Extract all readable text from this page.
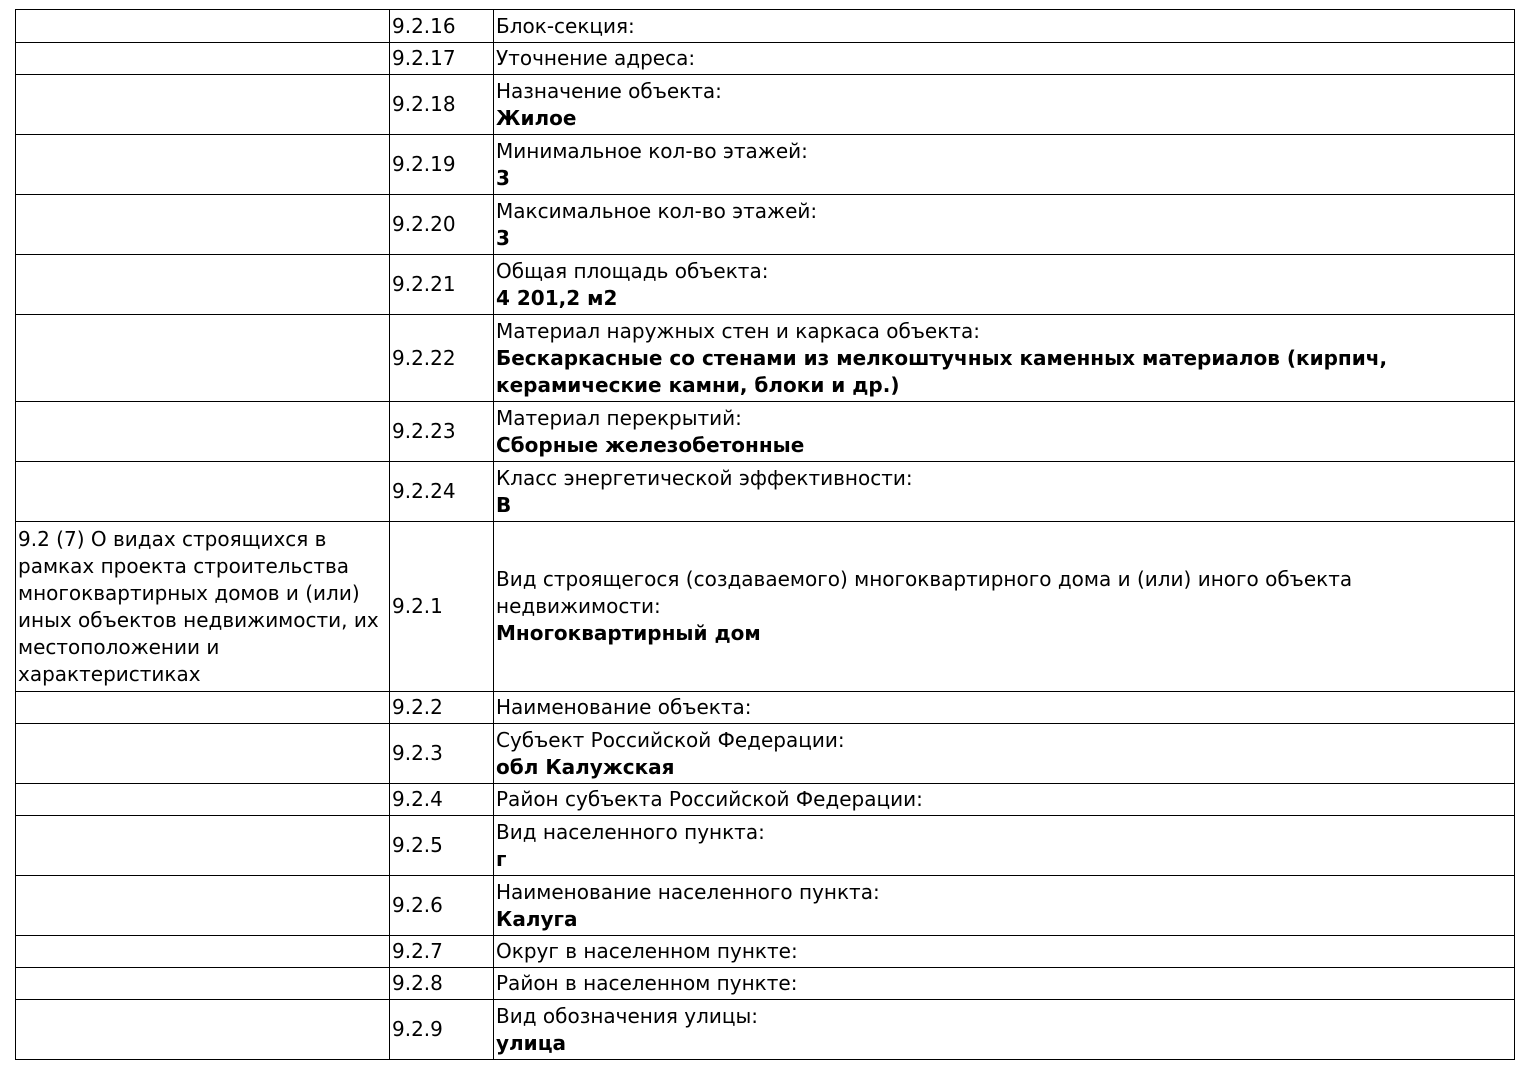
	9.2.16	Блок-секция:

	9.2.17	Уточнение адреса:

	9.2.18	Назначение объекта:
Жилое

	9.2.19	Минимальное кол-во этажей:
3

	9.2.20	Максимальное кол-во этажей:
3

	9.2.21	Общая площадь объекта:
4 201,2 м2

	9.2.22	Материал наружных стен и каркаса объекта:
Бескаркасные со стенами из мелкоштучных каменных материалов (кирпич, керамические камни, блоки и др.)

	9.2.23	Материал перекрытий:
Сборные железобетонные

	9.2.24	Класс энергетической эффективности:
B

9.2 (7) О видах строящихся в рамках проекта строительства многоквартирных домов и (или) иных объектов недвижимости, их местоположении и характеристиках	9.2.1	Вид строящегося (создаваемого) многоквартирного дома и (или) иного объекта недвижимости:
Многоквартирный дом

	9.2.2	Наименование объекта:

	9.2.3	Субъект Российской Федерации:
обл Калужская

	9.2.4	Район субъекта Российской Федерации:

	9.2.5	Вид населенного пункта:
г

	9.2.6	Наименование населенного пункта:
Калуга

	9.2.7	Округ в населенном пункте:

	9.2.8	Район в населенном пункте:

	9.2.9	Вид обозначения улицы:
улица
